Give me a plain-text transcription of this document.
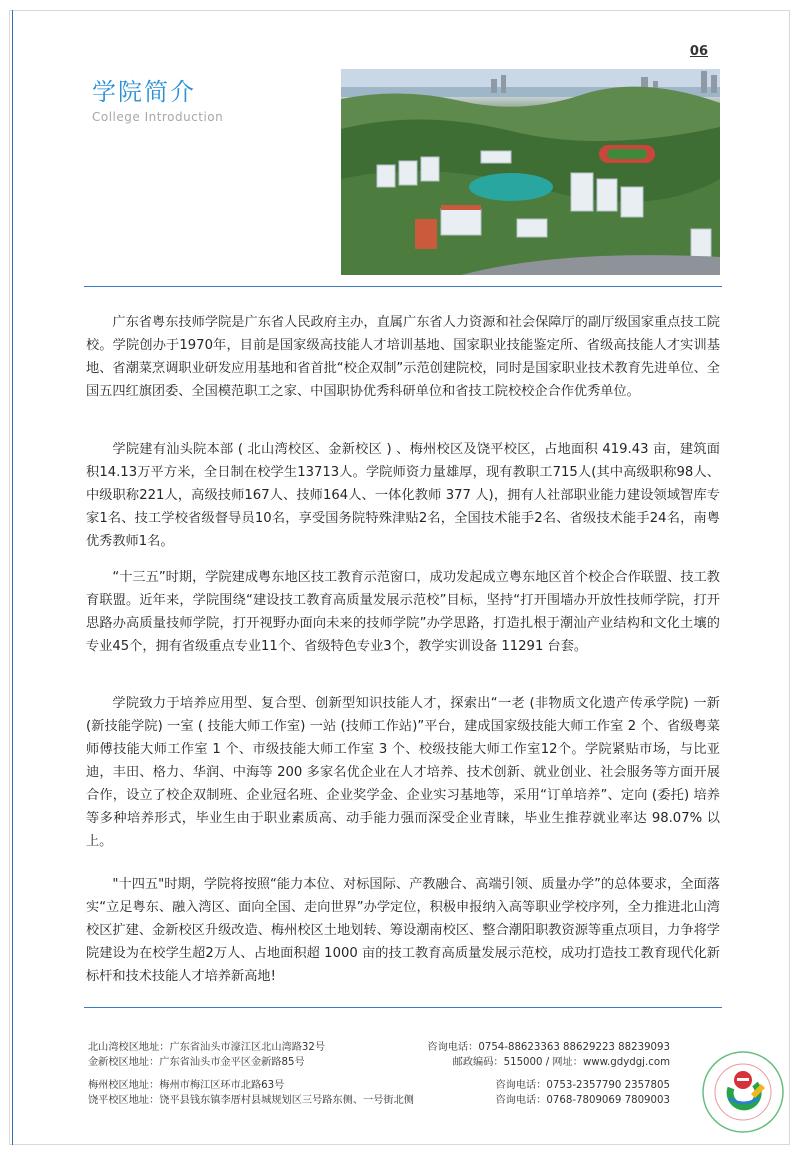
06
学院简介
College Introduction

广东省粤东技师学院是广东省人民政府主办，直属广东省人力资源和社会保障厅的副厅级国家重点技工院校。学院创办于1970年，目前是国家级高技能人才培训基地、国家职业技能鉴定所、省级高技能人才实训基地、省潮菜烹调职业研发应用基地和省首批“校企双制”示范创建院校，同时是国家职业技术教育先进单位、全国五四红旗团委、全国模范职工之家、中国职协优秀科研单位和省技工院校校企合作优秀单位。

学院建有汕头院本部 ( 北山湾校区、金新校区 ) 、梅州校区及饶平校区，占地面积 419.43 亩，建筑面积14.13万平方米，全日制在校学生13713人。学院师资力量雄厚，现有教职工715人(其中高级职称98人、中级职称221人，高级技师167人、技师164人、一体化教师 377 人)，拥有人社部职业能力建设领域智库专家1名、技工学校省级督导员10名，享受国务院特殊津贴2名，全国技术能手2名、省级技术能手24名，南粤优秀教师1名。

“十三五”时期，学院建成粤东地区技工教育示范窗口，成功发起成立粤东地区首个校企合作联盟、技工教育联盟。近年来，学院围绕“建设技工教育高质量发展示范校”目标，坚持“打开围墙办开放性技师学院，打开思路办高质量技师学院，打开视野办面向未来的技师学院”办学思路，打造扎根于潮汕产业结构和文化土壤的专业45个，拥有省级重点专业11个、省级特色专业3个，教学实训设备 11291 台套。

学院致力于培养应用型、复合型、创新型知识技能人才，探索出“一老 (非物质文化遗产传承学院) 一新 (新技能学院) 一室 ( 技能大师工作室) 一站 (技师工作站)”平台，建成国家级技能大师工作室 2 个、省级粤菜师傅技能大师工作室 1 个、市级技能大师工作室 3 个、校级技能大师工作室12个。学院紧贴市场，与比亚迪，丰田、格力、华润、中海等 200 多家名优企业在人才培养、技术创新、就业创业、社会服务等方面开展合作，设立了校企双制班、企业冠名班、企业奖学金、企业实习基地等，采用“订单培养”、定向 (委托) 培养等多种培养形式，毕业生由于职业素质高、动手能力强而深受企业青睐，毕业生推荐就业率达 98.07% 以上。

"十四五"时期，学院将按照“能力本位、对标国际、产教融合、高端引领、质量办学”的总体要求，全面落实“立足粤东、融入湾区、面向全国、走向世界”办学定位，积极申报纳入高等职业学校序列，全力推进北山湾校区扩建、金新校区升级改造、梅州校区土地划转、筹设潮南校区、整合潮阳职教资源等重点项目，力争将学院建设为在校学生超2万人、占地面积超 1000 亩的技工教育高质量发展示范校，成功打造技工教育现代化新标杆和技术技能人才培养新高地!

北山湾校区地址：广东省汕头市濠江区北山湾路32号
金新校区地址：广东省汕头市金平区金新路85号
咨询电话：0754-88623363 88629223 88239093
邮政编码：515000 / 网址：www.gdydgj.com
梅州校区地址：梅州市梅江区环市北路63号
饶平校区地址：饶平县钱东镇李厝村县城规划区三号路东侧、一号街北侧
咨询电话：0753-2357790 2357805
咨询电话：0768-7809069 7809003
